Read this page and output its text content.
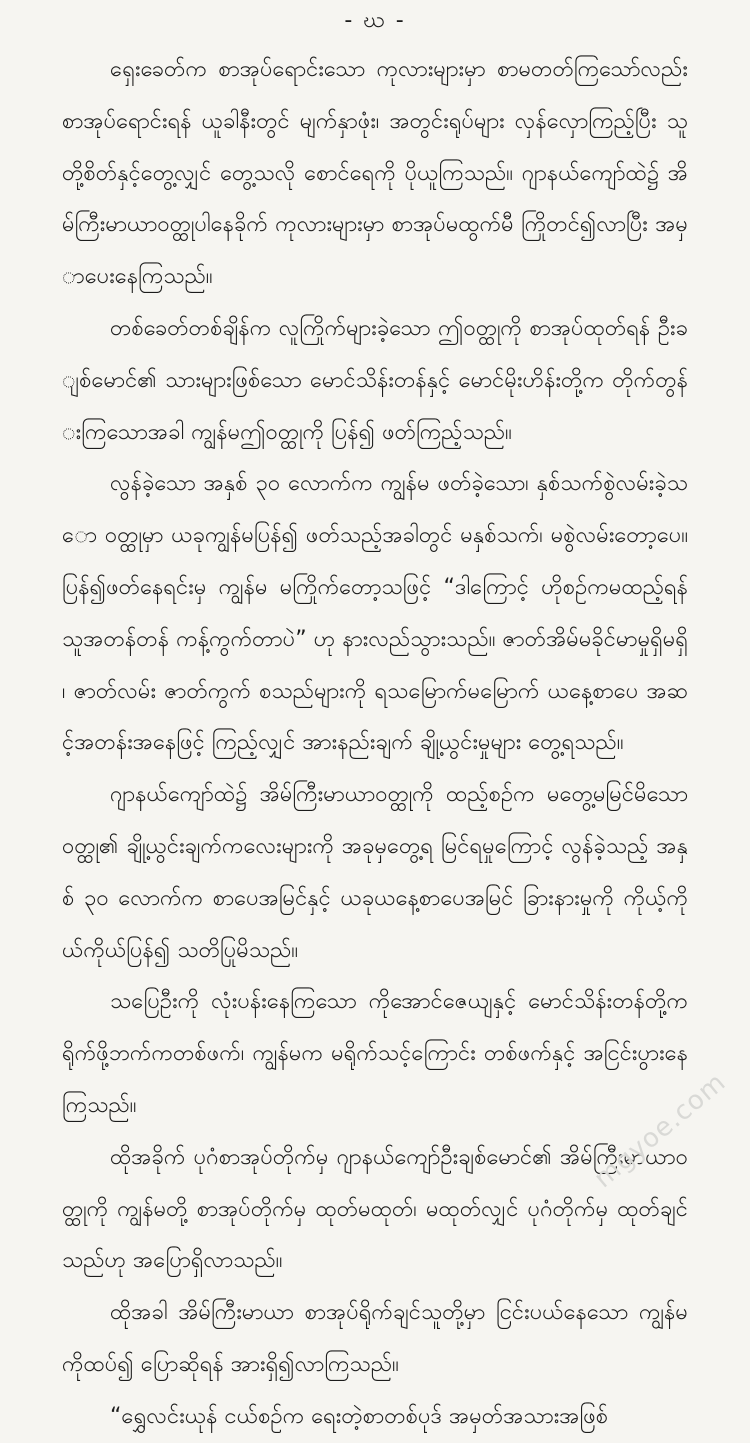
- ဃ -

ရှေးခေတ်က စာအုပ်ရောင်းသော ကုလားများမှာ စာမတတ်ကြသော်လည်း စာအုပ်ရောင်းရန် ယူခါနီးတွင် မျက်နှာဖုံး၊ အတွင်းရုပ်များ လှန်လှောကြည့်ပြီး သူတို့စိတ်နှင့်တွေ့လျှင် တွေ့သလို စောင်ရေကို ပိုယူကြသည်။ ဂျာနယ်ကျော်ထဲ၌ အိမ်ကြီးမာယာဝတ္ထုပါနေခိုက် ကုလားများမှာ စာအုပ်မထွက်မီ ကြိုတင်၍လာပြီး အမှာပေးနေကြသည်။

တစ်ခေတ်တစ်ချိန်က လူကြိုက်များခဲ့သော ဤဝတ္ထုကို စာအုပ်ထုတ်ရန် ဦးချစ်မောင်၏ သားများဖြစ်သော မောင်သိန်းတန်နှင့် မောင်မိုးဟိန်းတို့က တိုက်တွန်းကြသောအခါ ကျွန်မဤဝတ္ထုကို ပြန်၍ ဖတ်ကြည့်သည်။

လွန်ခဲ့သော အနှစ် ၃၀ လောက်က ကျွန်မ ဖတ်ခဲ့သော၊ နှစ်သက်စွဲလမ်းခဲ့သော ဝတ္ထုမှာ ယခုကျွန်မပြန်၍ ဖတ်သည့်အခါတွင် မနှစ်သက်၊ မစွဲလမ်းတော့ပေ။ ပြန်၍ဖတ်နေရင်းမှ ကျွန်မ မကြိုက်တော့သဖြင့် “ဒါကြောင့် ဟိုစဉ်ကမထည့်ရန် သူအတန်တန် ကန့်ကွက်တာပဲ” ဟု နားလည်သွားသည်။ ဇာတ်အိမ်မခိုင်မာမှုရှိမရှိ၊ ဇာတ်လမ်း ဇာတ်ကွက် စသည်များကို ရသမြောက်မမြောက် ယနေ့စာပေ အဆင့်အတန်းအနေဖြင့် ကြည့်လျှင် အားနည်းချက် ချို့ယွင်းမှုများ တွေ့ရသည်။

ဂျာနယ်ကျော်ထဲ၌ အိမ်ကြီးမာယာဝတ္ထုကို ထည့်စဉ်က မတွေ့မမြင်မိသော ဝတ္ထု၏ ချို့ယွင်းချက်ကလေးများကို အခုမှတွေ့ရ မြင်ရမှုကြောင့် လွန်ခဲ့သည့် အနှစ် ၃၀ လောက်က စာပေအမြင်နှင့် ယခုယနေ့စာပေအမြင် ခြားနားမှုကို ကိုယ့်ကိုယ်ကိုယ်ပြန်၍ သတိပြုမိသည်။

သပြေဦးကို လုံးပန်းနေကြသော ကိုအောင်ဇေယျနှင့် မောင်သိန်းတန်တို့က ရိုက်ဖို့ဘက်ကတစ်ဖက်၊ ကျွန်မက မရိုက်သင့်ကြောင်း တစ်ဖက်နှင့် အငြင်းပွားနေကြသည်။

ထိုအခိုက် ပုဂံစာအုပ်တိုက်မှ ဂျာနယ်ကျော်ဦးချစ်မောင်၏ အိမ်ကြီးမာယာဝတ္ထုကို ကျွန်မတို့ စာအုပ်တိုက်မှ ထုတ်မထုတ်၊ မထုတ်လျှင် ပုဂံတိုက်မှ ထုတ်ချင်သည်ဟု အပြောရှိလာသည်။

ထိုအခါ အိမ်ကြီးမာယာ စာအုပ်ရိုက်ချင်သူတို့မှာ ငြင်းပယ်နေသော ကျွန်မကိုထပ်၍ ပြောဆိုရန် အားရှိ၍လာကြသည်။

“ရွှေလင်းယုန် ငယ်စဉ်က ရေးတဲ့စာတစ်ပုဒ် အမှတ်အသားအဖြစ်

mgyoe.com
